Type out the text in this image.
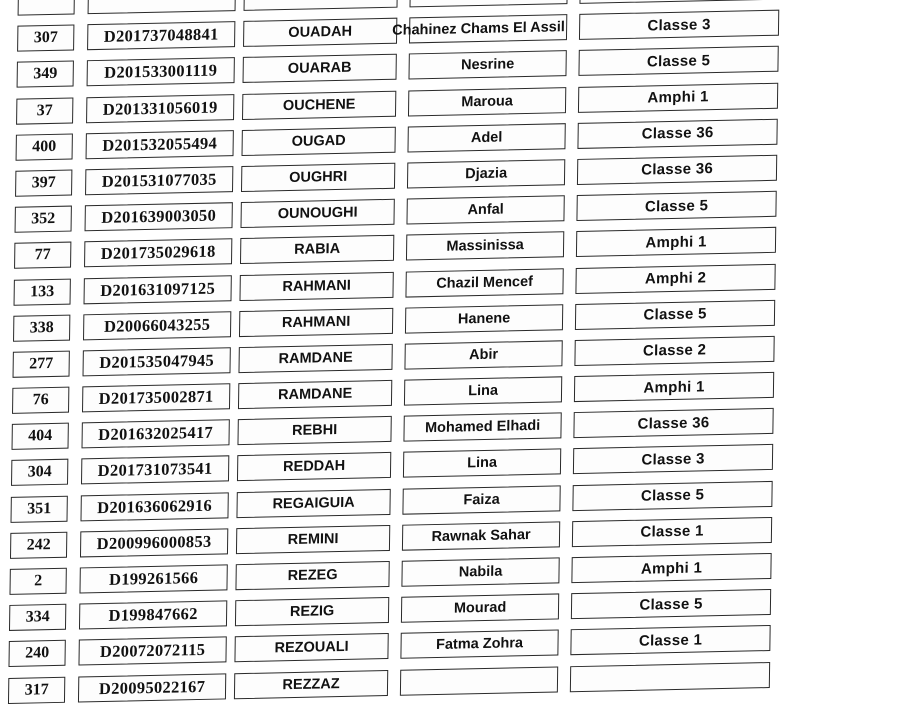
307	D201737048841	OUADAH	Chahinez Chams El Assil	Classe 3
349	D201533001119	OUARAB	Nesrine	Classe 5
37	D201331056019	OUCHENE	Maroua	Amphi 1
400	D201532055494	OUGAD	Adel	Classe 36
397	D201531077035	OUGHRI	Djazia	Classe 36
352	D201639003050	OUNOUGHI	Anfal	Classe 5
77	D201735029618	RABIA	Massinissa	Amphi 1
133	D201631097125	RAHMANI	Chazil Mencef	Amphi 2
338	D20066043255	RAHMANI	Hanene	Classe 5
277	D201535047945	RAMDANE	Abir	Classe 2
76	D201735002871	RAMDANE	Lina	Amphi 1
404	D201632025417	REBHI	Mohamed Elhadi	Classe 36
304	D201731073541	REDDAH	Lina	Classe 3
351	D201636062916	REGAIGUIA	Faiza	Classe 5
242	D200996000853	REMINI	Rawnak Sahar	Classe 1
2	D199261566	REZEG	Nabila	Amphi 1
334	D199847662	REZIG	Mourad	Classe 5
240	D20072072115	REZOUALI	Fatma Zohra	Classe 1
317	D20095022167	REZZAZ
